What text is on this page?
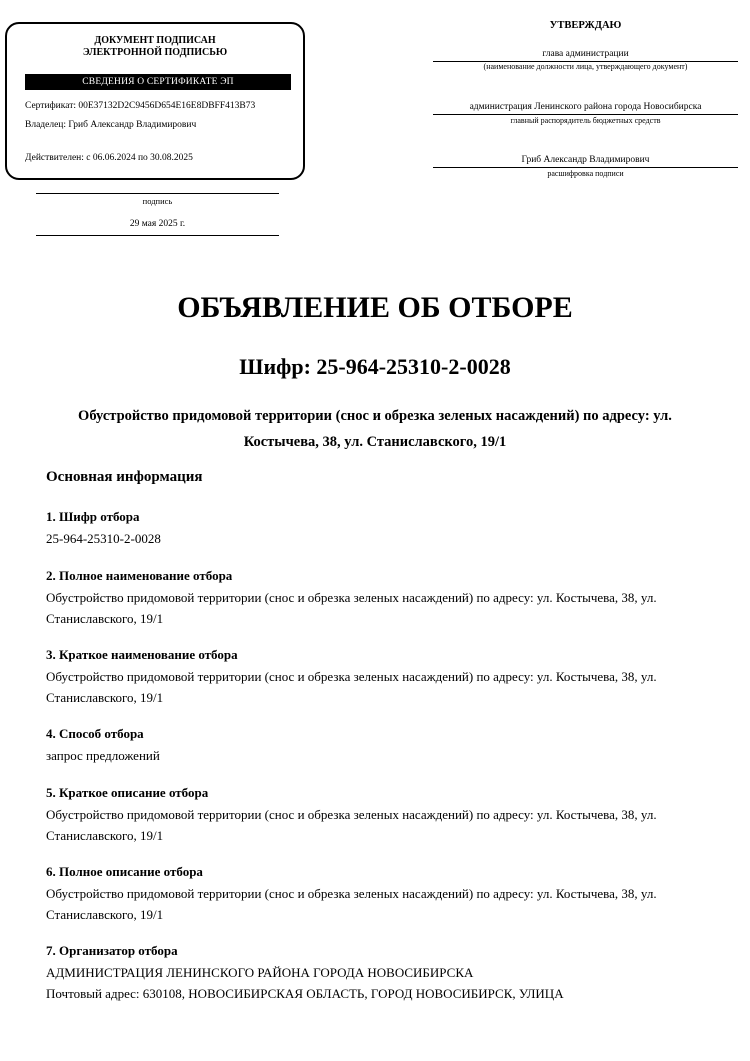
ДОКУМЕНТ ПОДПИСАН
ЭЛЕКТРОННОЙ ПОДПИСЬЮ
СВЕДЕНИЯ О СЕРТИФИКАТЕ ЭП
Сертификат: 00E37132D2C9456D654E16E8DBFF413B73
Владелец: Гриб Александр Владимирович
Действителен: с 06.06.2024 по 30.08.2025
подпись
29 мая 2025 г.
УТВЕРЖДАЮ
глава администрации
(наименование должности лица, утверждающего документ)
администрация Ленинского района города Новосибирска
главный распорядитель бюджетных средств
Гриб Александр Владимирович
расшифровка подписи
ОБЪЯВЛЕНИЕ ОБ ОТБОРЕ
Шифр: 25-964-25310-2-0028
Обустройство придомовой территории (снос и обрезка зеленых насаждений) по адресу: ул. Костычева, 38, ул. Станиславского, 19/1
Основная информация
1. Шифр отбора
25-964-25310-2-0028
2. Полное наименование отбора
Обустройство придомовой территории (снос и обрезка зеленых насаждений) по адресу: ул. Костычева, 38, ул. Станиславского, 19/1
3. Краткое наименование отбора
Обустройство придомовой территории (снос и обрезка зеленых насаждений) по адресу: ул. Костычева, 38, ул. Станиславского, 19/1
4. Способ отбора
запрос предложений
5. Краткое описание отбора
Обустройство придомовой территории (снос и обрезка зеленых насаждений) по адресу: ул. Костычева, 38, ул. Станиславского, 19/1
6. Полное описание отбора
Обустройство придомовой территории (снос и обрезка зеленых насаждений) по адресу: ул. Костычева, 38, ул. Станиславского, 19/1
7. Организатор отбора
АДМИНИСТРАЦИЯ ЛЕНИНСКОГО РАЙОНА ГОРОДА НОВОСИБИРСКА
Почтовый адрес: 630108, НОВОСИБИРСКАЯ ОБЛАСТЬ, ГОРОД НОВОСИБИРСК, УЛИЦА
